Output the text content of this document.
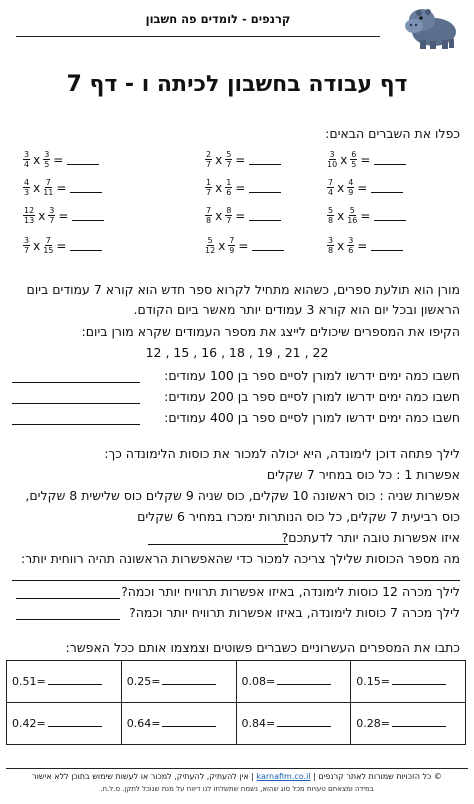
קרנפים - לומדים פה חשבון
דף עבודה בחשבון לכיתה ו - דף 7
כפלו את השברים הבאים:
$\frac{3}{10}$ x $\frac{6}{5}$ =
$\frac{2}{7}$ x $\frac{5}{7}$ =
$\frac{3}{4}$ x $\frac{3}{5}$ =
$\frac{7}{4}$ x $\frac{4}{9}$ =
$\frac{1}{7}$ x $\frac{1}{6}$ =
$\frac{4}{3}$ x $\frac{7}{11}$ =
$\frac{5}{8}$ x $\frac{5}{16}$ =
$\frac{7}{8}$ x $\frac{8}{7}$ =
$\frac{12}{13}$ x $\frac{3}{7}$ =
$\frac{3}{8}$ x $\frac{3}{6}$ =
$\frac{5}{12}$ x $\frac{7}{9}$ =
$\frac{3}{7}$ x $\frac{7}{15}$ =
מורן הוא תולעת ספרים, כשהוא מתחיל לקרוא ספר חדש הוא קורא 7 עמודים ביום
הראשון ובכל יום הוא קורא 3 עמודים יותר מאשר ביום הקודם.
הקיפו את המספרים שיכולים לייצג את מספר העמודים שקרא מורן ביום:
12 , 15 , 16 , 18 , 19 , 21 , 22
חשבו כמה ימים ידרשו למורן לסיים ספר בן 100 עמודים:
חשבו כמה ימים ידרשו למורן לסיים ספר בן 200 עמודים:
חשבו כמה ימים ידרשו למורן לסיים ספר בן 400 עמודים:
לילך פתחה דוכן לימונדה, היא יכולה למכור את כוסות הלימונדה כך:
אפשרות 1 : כל כוס במחיר 7 שקלים
אפשרות שניה : כוס ראשונה 10 שקלים, כוס שניה 9 שקלים כוס שלישית 8 שקלים,
כוס רביעית 7 שקלים, כל כוס הנותרות ימכרו במחיר 6 שקלים
איזו אפשרות טובה יותר לדעתכם?
מה מספר הכוסות שלילך צריכה למכור כדי שהאפשרות הראשונה תהיה רווחית יותר:
לילך מכרה 12 כוסות לימונדה, באיזו אפשרות תרוויח יותר וכמה?
לילך מכרה 7 כוסות לימונדה, באיזו אפשרות תרוויח יותר וכמה?
כתבו את המספרים העשרוניים כשברים פשוטים וצמצמו אותם ככל האפשר:
0.51=	0.25=	0.08=	0.15=
0.42=	0.64=	0.84=	0.28=
© כל הזכויות שמורות לאתר קרנפים | karnafim.co.il | אין להעתיק, להעתיק, למכור או לעשות שימוש בתוכן ללא אישור
במידה ומצאתם טעויות מכל סוג שהוא, נשמח שתשלחו לנו דיווח על מנת שנוכל לתקן. ס.ל.ח.
